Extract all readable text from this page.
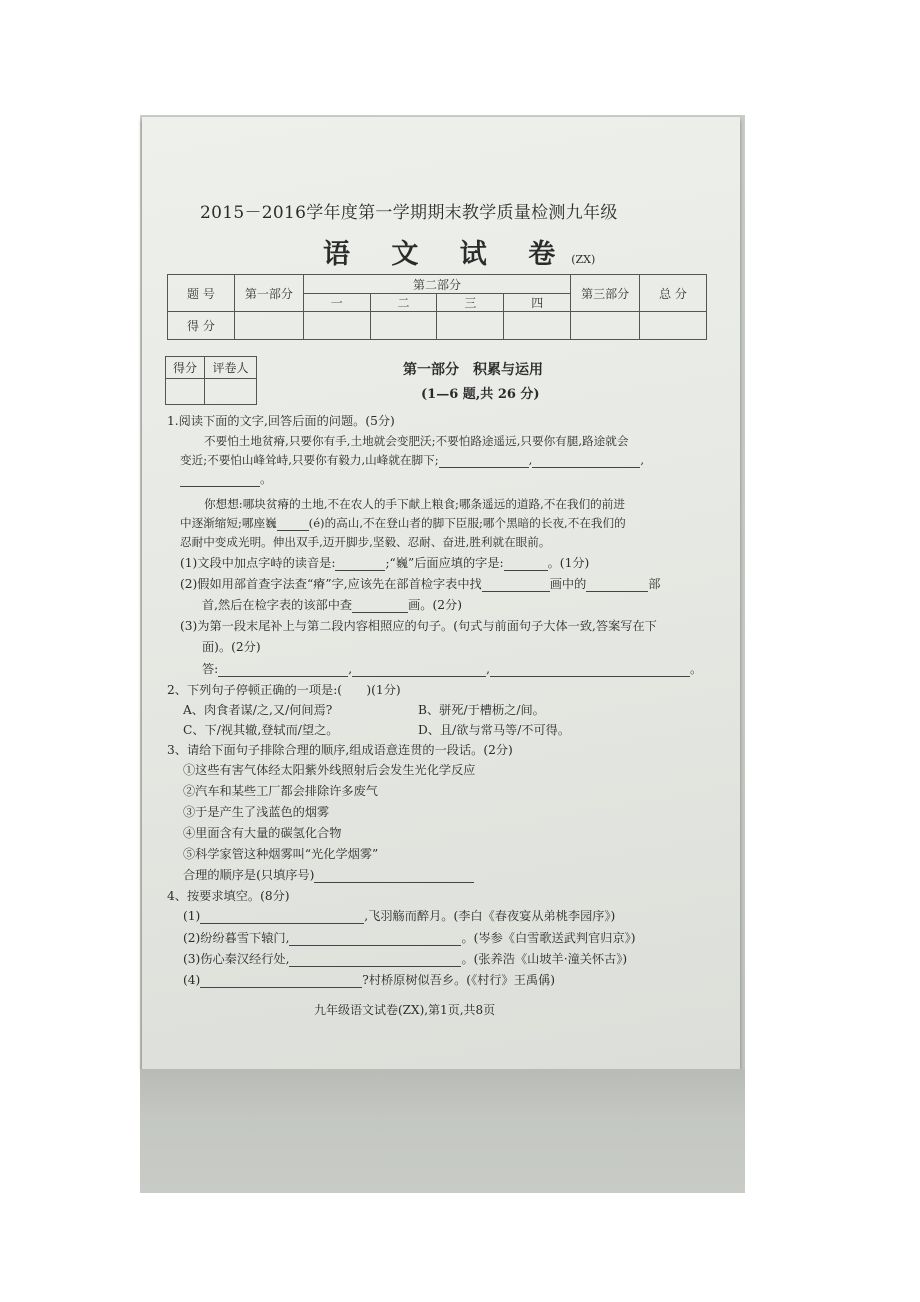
2015－2016学年度第一学期期末教学质量检测九年级
语 文 试 卷(ZX)
题 号	第一部分	第二部分				第三部分	总 分
		一	二	三	四		
得 分							
得分	评卷人
		第一部分　积累与运用
(1—6 题,共 26 分)
1.阅读下面的文字,回答后面的问题。(5分)
不要怕土地贫瘠,只要你有手,土地就会变肥沃;不要怕路途遥远,只要你有腿,路途就会
变近;不要怕山峰耸峙,只要你有毅力,山峰就在脚下;	,	,
。
你想想:哪块贫瘠的土地,不在农人的手下献上粮食;哪条遥远的道路,不在我们的前进
中逐渐缩短;哪座巍	(é)的高山,不在登山者的脚下臣服;哪个黑暗的长夜,不在我们的
忍耐中变成光明。伸出双手,迈开脚步,坚毅、忍耐、奋进,胜利就在眼前。
(1)文段中加点字峙的读音是:	;“巍”后面应填的字是:	。(1分)
(2)假如用部首查字法查“瘠”字,应该先在部首检字表中找	画中的	部
首,然后在检字表的该部中查	画。(2分)
(3)为第一段末尾补上与第二段内容相照应的句子。(句式与前面句子大体一致,答案写在下
面)。(2分)
答:	,	,	。
2、下列句子停顿正确的一项是:(　　)(1分)
A、肉食者谋/之,又/何间焉?	B、骈死/于槽枥之/间。
C、下/视其辙,登轼而/望之。	D、且/欲与常马等/不可得。
3、请给下面句子排除合理的顺序,组成语意连贯的一段话。(2分)
①这些有害气体经太阳紫外线照射后会发生光化学反应
②汽车和某些工厂都会排除许多废气
③于是产生了浅蓝色的烟雾
④里面含有大量的碳氢化合物
⑤科学家管这种烟雾叫“光化学烟雾”
合理的顺序是(只填序号)
4、按要求填空。(8分)
(1)	,飞羽觞而醉月。(李白《春夜宴从弟桃李园序》)
(2)纷纷暮雪下辕门,	。(岑参《白雪歌送武判官归京》)
(3)伤心秦汉经行处,	。(张养浩《山坡羊·潼关怀古》)
(4)	?村桥原树似吾乡。(《村行》王禹偁)
九年级语文试卷(ZX),第1页,共8页
